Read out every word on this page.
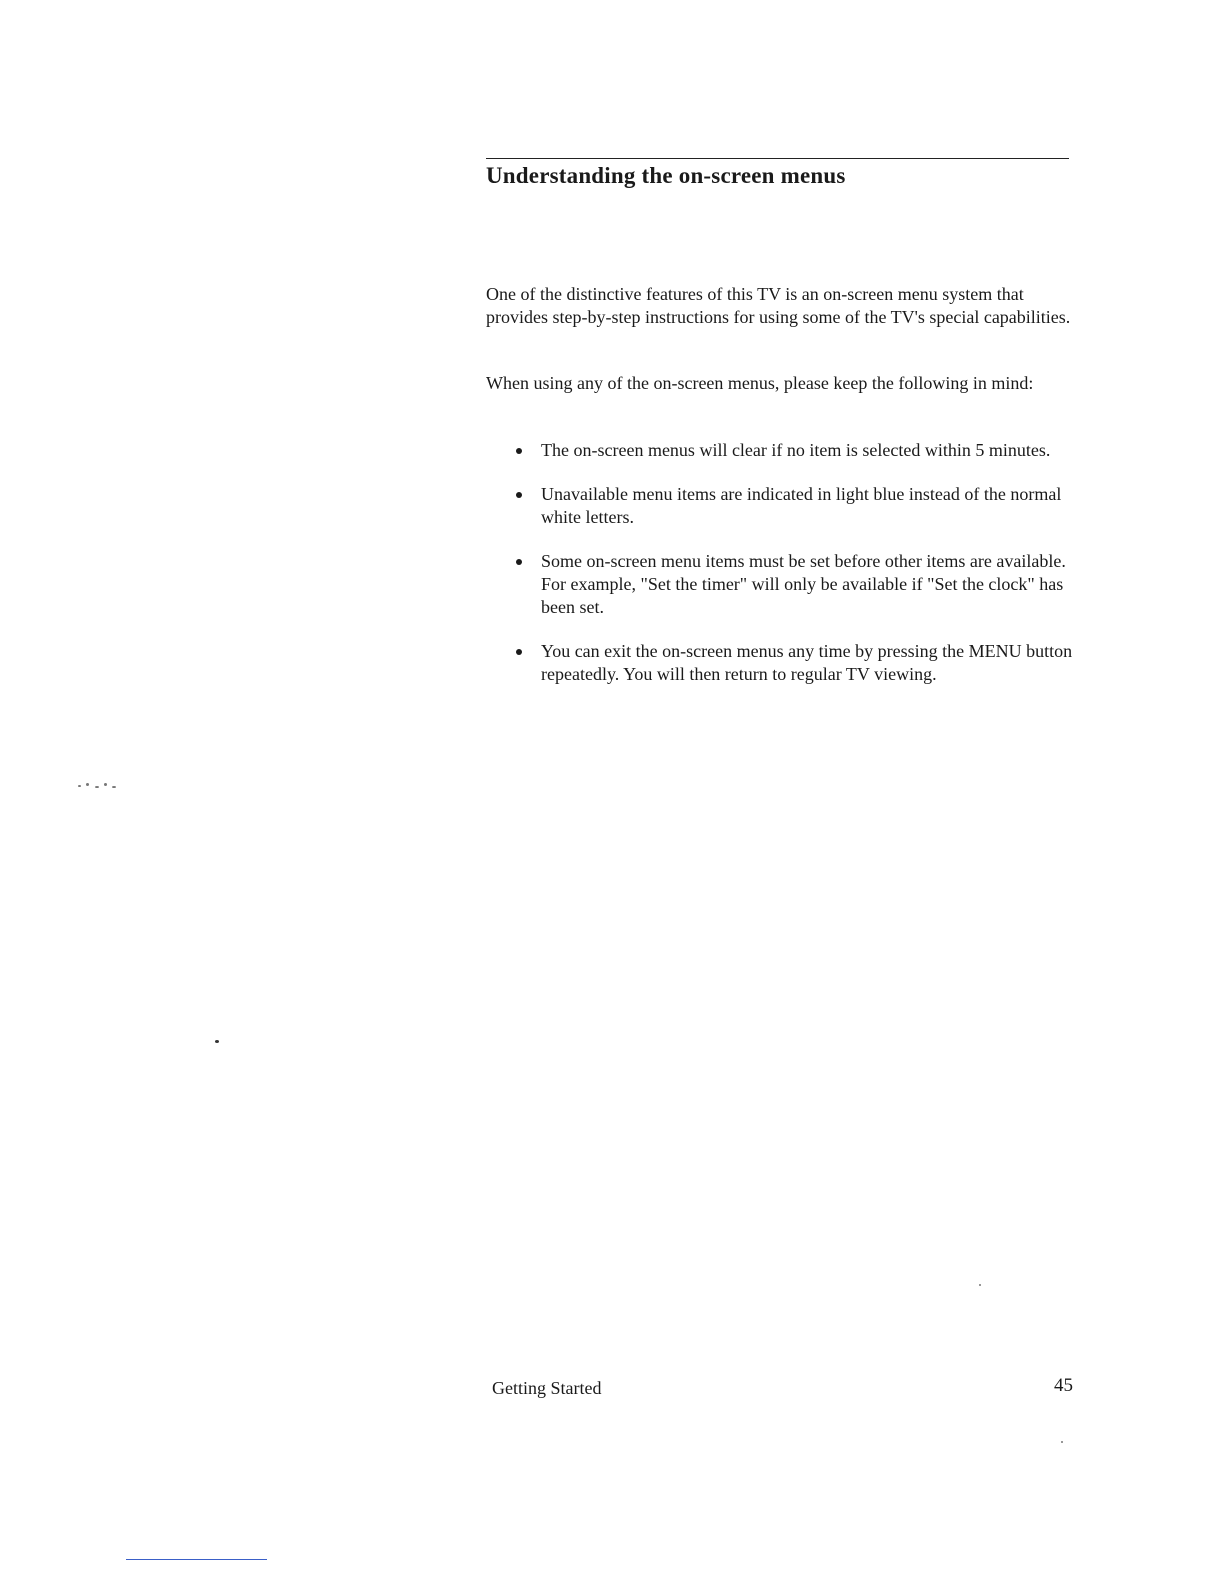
Understanding the on-screen menus

One of the distinctive features of this TV is an on-screen menu system that provides step-by-step instructions for using some of the TV's special capabilities.

When using any of the on-screen menus, please keep the following in mind:

The on-screen menus will clear if no item is selected within 5 minutes.
Unavailable menu items are indicated in light blue instead of the normal white letters.
Some on-screen menu items must be set before other items are available. For example, "Set the timer" will only be available if "Set the clock" has been set.
You can exit the on-screen menus any time by pressing the MENU button repeatedly. You will then return to regular TV viewing.
Getting Started	45
